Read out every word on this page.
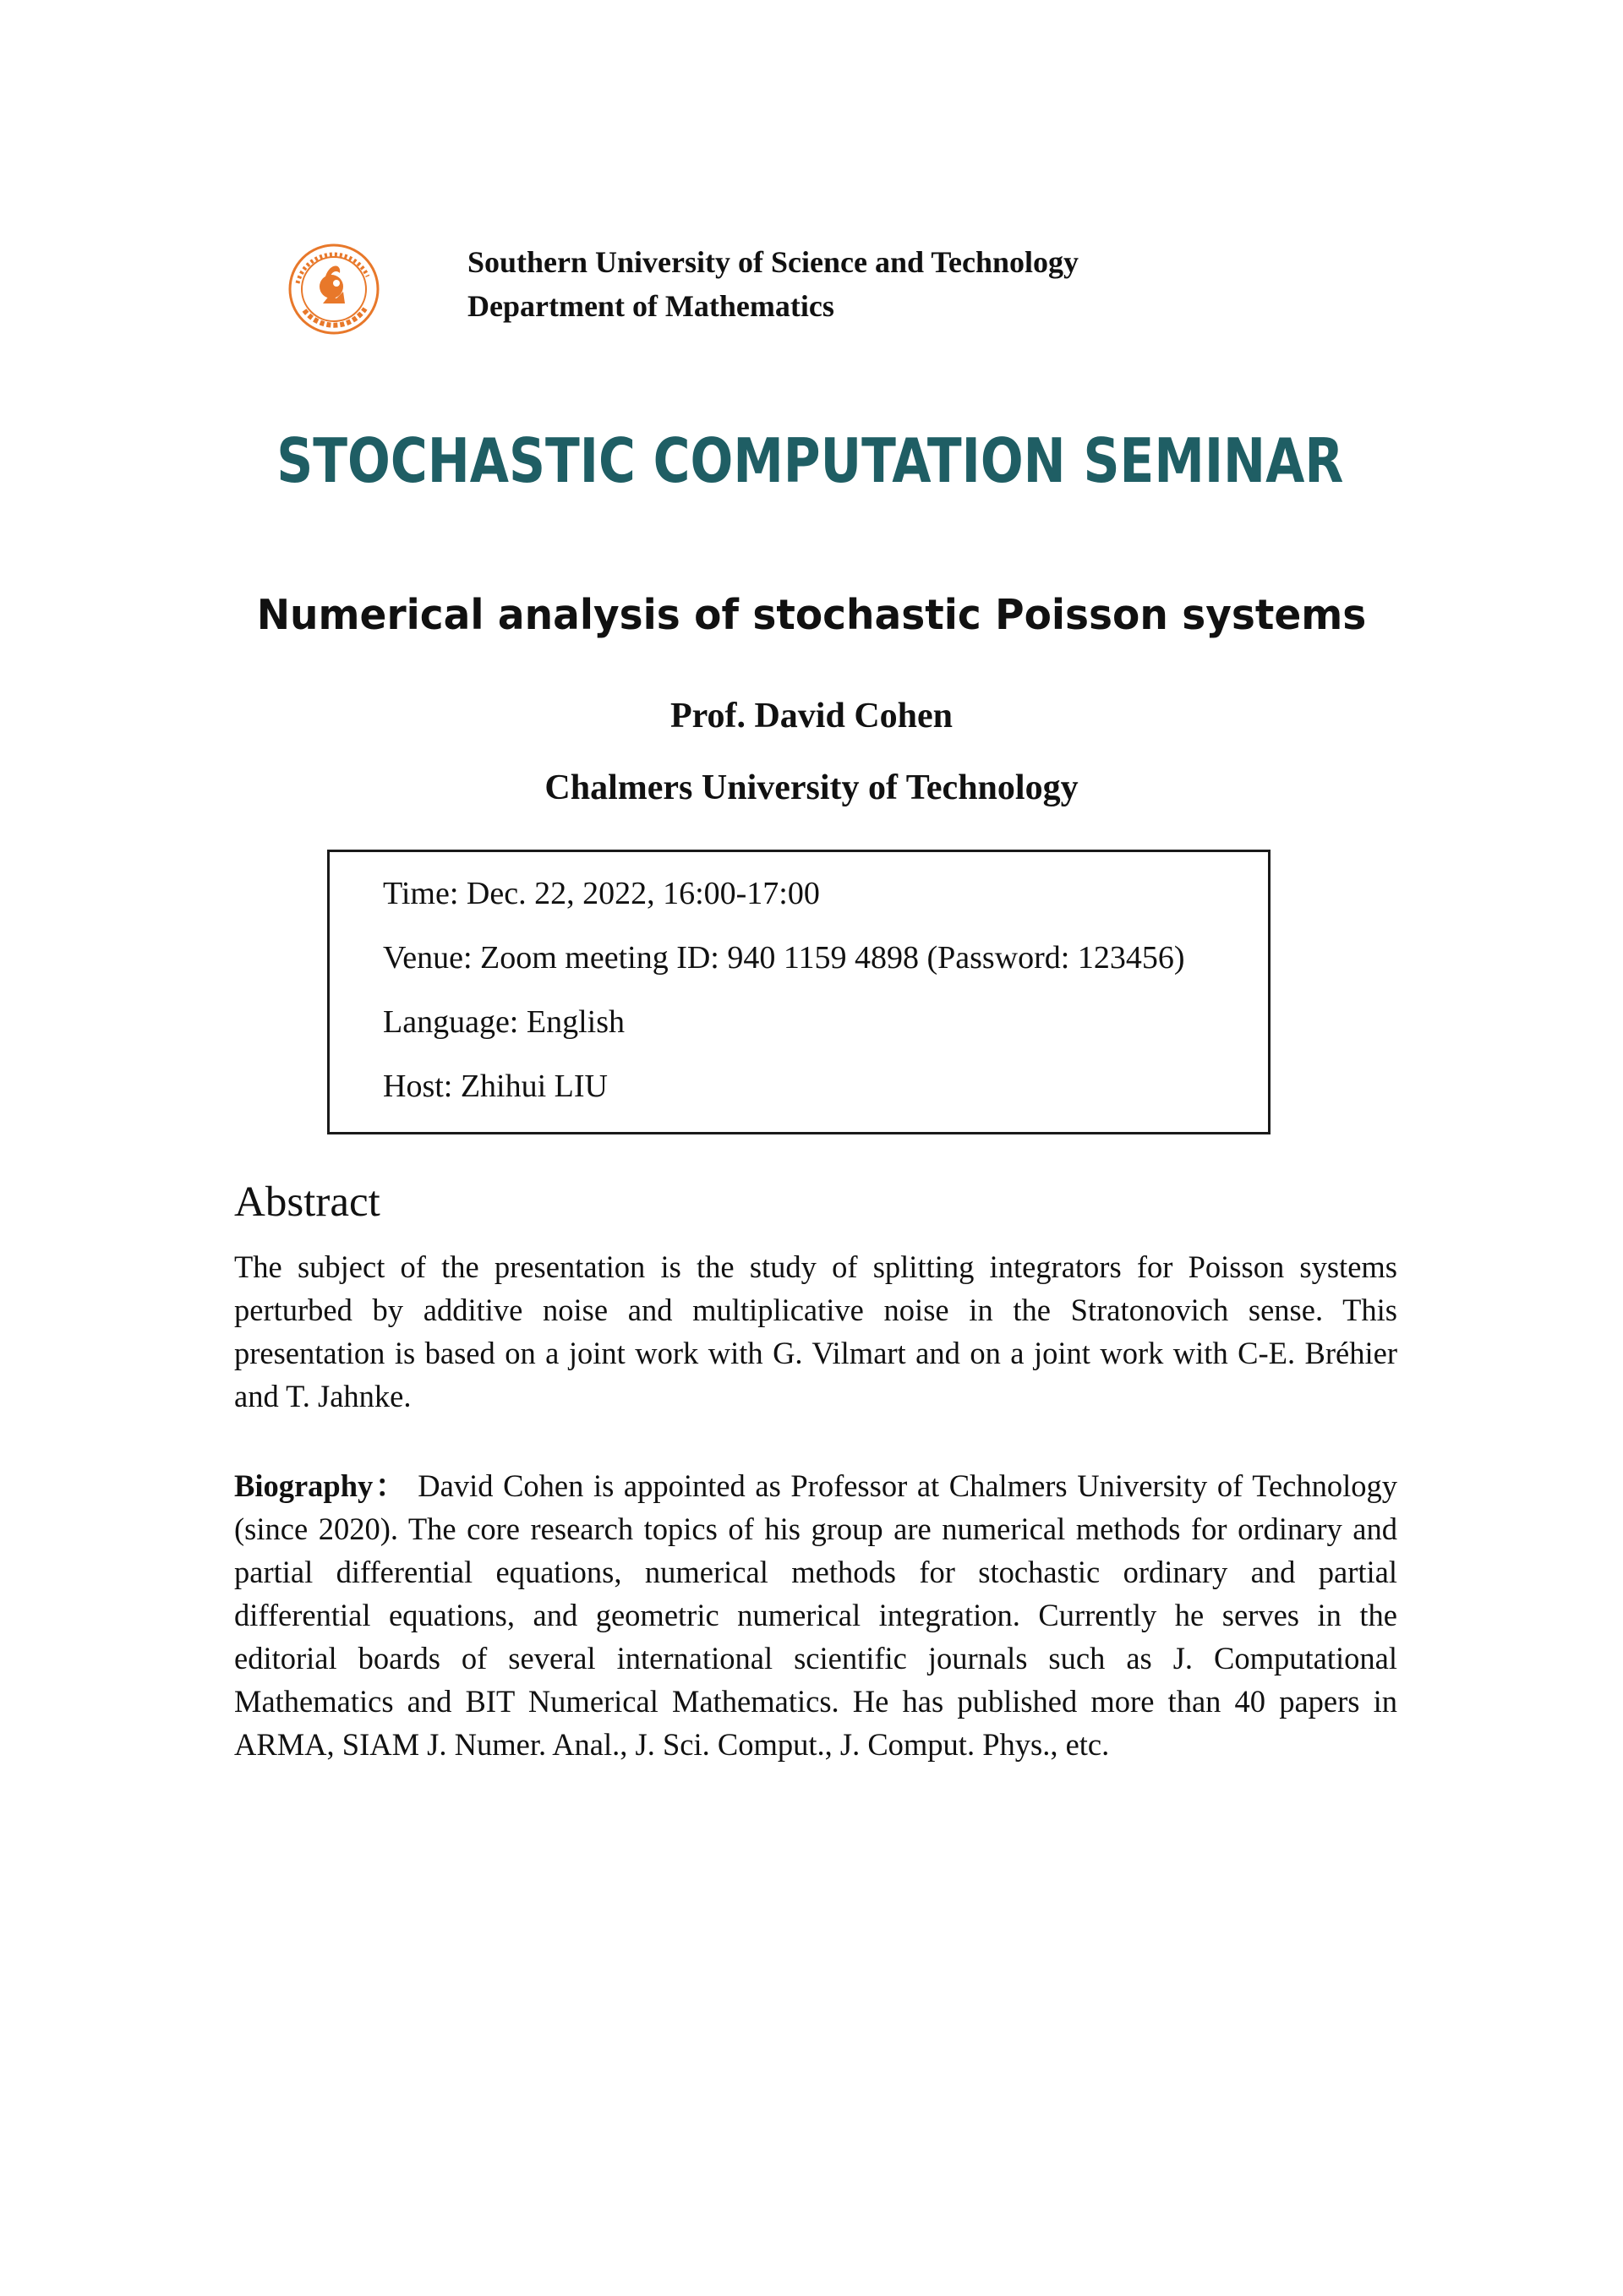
Southern University of Science and Technology
Department of Mathematics
STOCHASTIC COMPUTATION SEMINAR
Numerical analysis of stochastic Poisson systems
Prof. David Cohen
Chalmers University of Technology
Time: Dec. 22, 2022, 16:00-17:00
Venue: Zoom meeting ID: 940 1159 4898 (Password: 123456)
Language: English
Host: Zhihui LIU
Abstract
The subject of the presentation is the study of splitting integrators for Poisson systems perturbed by additive noise and multiplicative noise in the Stratonovich sense. This presentation is based on a joint work with G. Vilmart and on a joint work with C-E. Bréhier and T. Jahnke.
Biography： David Cohen is appointed as Professor at Chalmers University of Technology (since 2020). The core research topics of his group are numerical methods for ordinary and partial differential equations, numerical methods for stochastic ordinary and partial differential equations, and geometric numerical integration. Currently he serves in the editorial boards of several international scientific journals such as J. Computational Mathematics and BIT Numerical Mathematics. He has published more than 40 papers in ARMA, SIAM J. Numer. Anal., J. Sci. Comput., J. Comput. Phys., etc.
